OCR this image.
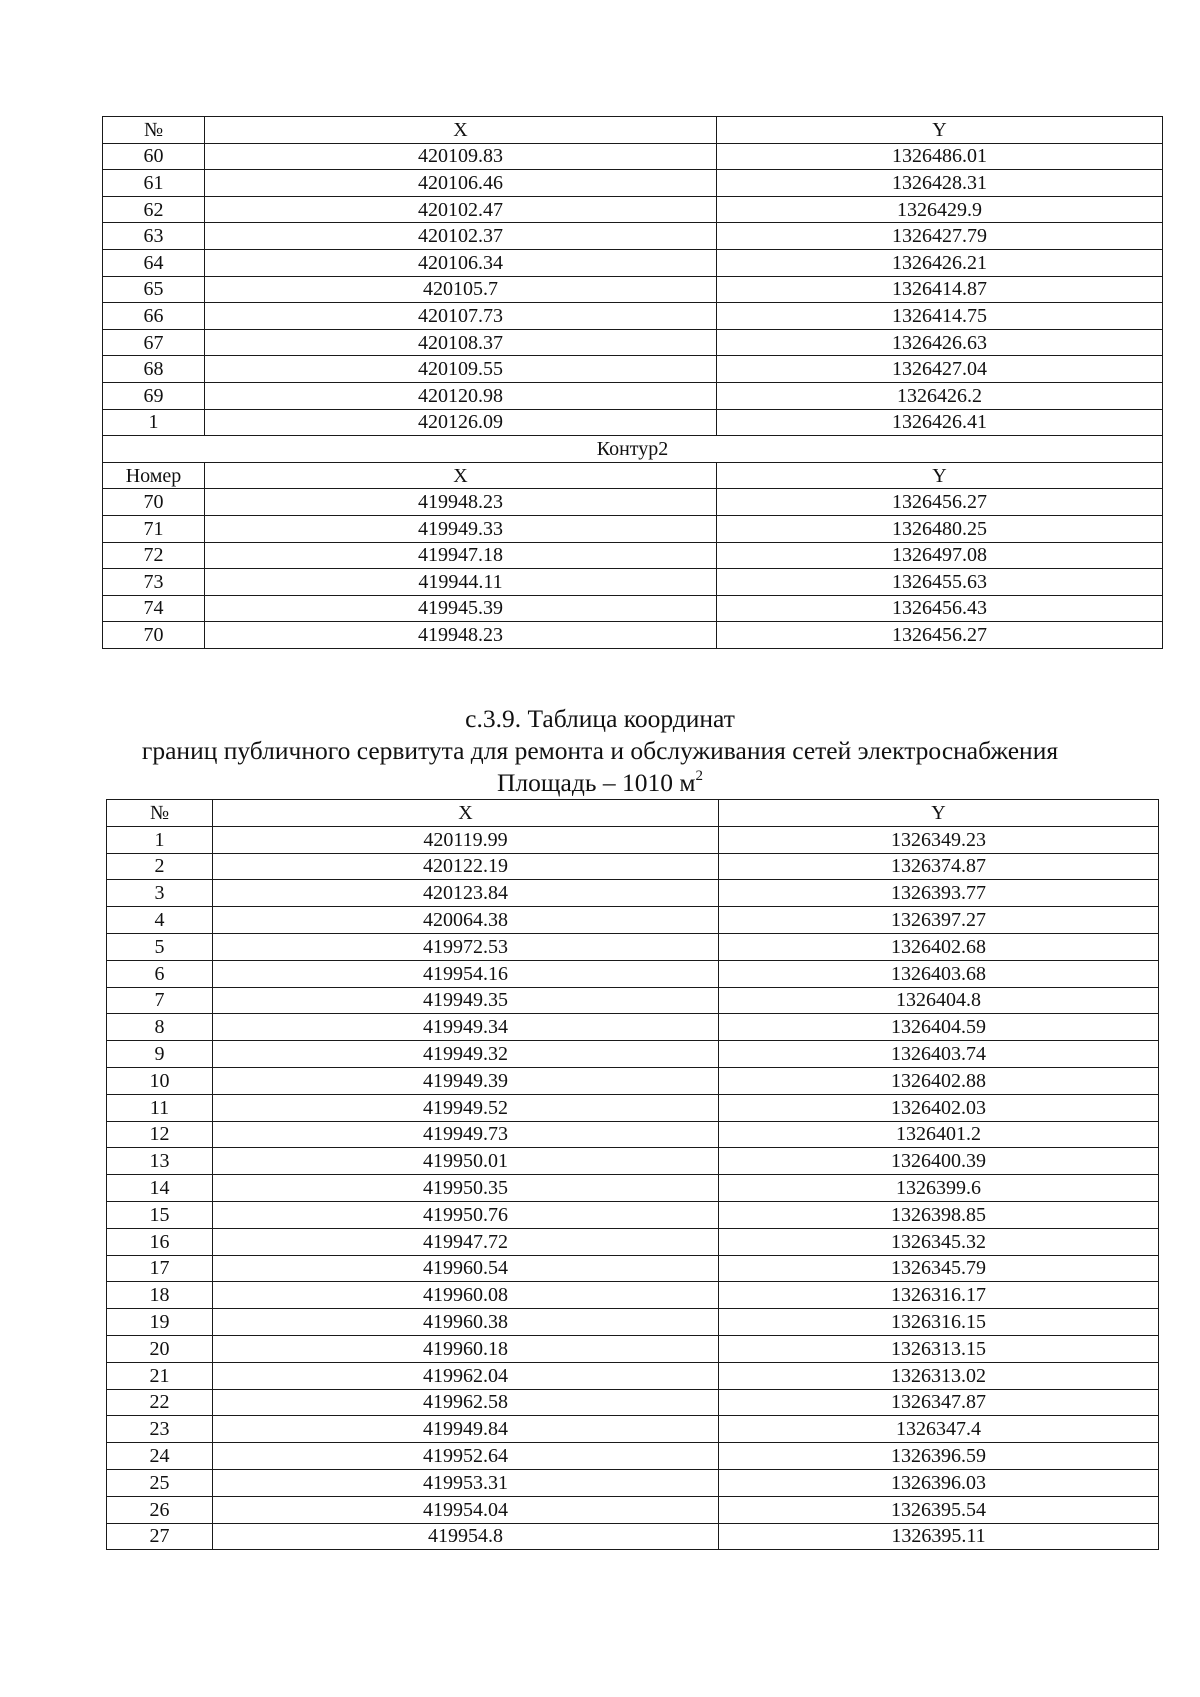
№	X	Y
60	420109.83	1326486.01
61	420106.46	1326428.31
62	420102.47	1326429.9
63	420102.37	1326427.79
64	420106.34	1326426.21
65	420105.7	1326414.87
66	420107.73	1326414.75
67	420108.37	1326426.63
68	420109.55	1326427.04
69	420120.98	1326426.2
1	420126.09	1326426.41
Контур2		
Номер	X	Y
70	419948.23	1326456.27
71	419949.33	1326480.25
72	419947.18	1326497.08
73	419944.11	1326455.63
74	419945.39	1326456.43
70	419948.23	1326456.27
с.3.9. Таблица координат
границ публичного сервитута для ремонта и обслуживания сетей электроснабжения
Площадь – 1010 $м^2$
№	X	Y
1	420119.99	1326349.23
2	420122.19	1326374.87
3	420123.84	1326393.77
4	420064.38	1326397.27
5	419972.53	1326402.68
6	419954.16	1326403.68
7	419949.35	1326404.8
8	419949.34	1326404.59
9	419949.32	1326403.74
10	419949.39	1326402.88
11	419949.52	1326402.03
12	419949.73	1326401.2
13	419950.01	1326400.39
14	419950.35	1326399.6
15	419950.76	1326398.85
16	419947.72	1326345.32
17	419960.54	1326345.79
18	419960.08	1326316.17
19	419960.38	1326316.15
20	419960.18	1326313.15
21	419962.04	1326313.02
22	419962.58	1326347.87
23	419949.84	1326347.4
24	419952.64	1326396.59
25	419953.31	1326396.03
26	419954.04	1326395.54
27	419954.8	1326395.11
